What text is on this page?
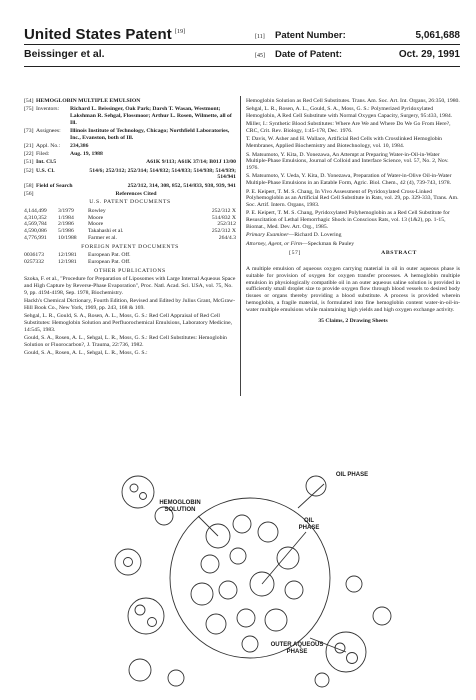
United States Patent [19]
Beissinger et al.
[11]	Patent Number:	5,061,688
[45]	Date of Patent:	Oct. 29, 1991
[54] HEMOGLOBIN MULTIPLE EMULSION
[75] Inventors:	Richard L. Beissinger, Oak Park; Darsh T. Wasan, Westmont; Lakshman R. Sehgal, Flossmoor; Arthur L. Rosen, Wilmette, all of Ill.
[73] Assignees:	Illinois Institute of Technology, Chicago; Northfield Laboratories, Inc., Evanston, both of Ill.
[21] Appl. No.:	234,386
[22] Filed:	Aug. 19, 1988
[51] Int. Cl.5	A61K 9/113; A61K 37/14; B01J 13/00
[52] U.S. Cl.	514/6; 252/312; 252/314; 514/832; 514/833; 514/938; 514/939; 514/941
[58] Field of Search	252/312, 314, 308, 852, 514/833, 938, 939, 941
[56]	References Cited
U.S. PATENT DOCUMENTS
4,144,499	3/1979	Rowley	252/312 X
4,310,352	1/1984	Moore	514/832 X
4,569,784	2/1986	Moore	252/312
4,590,086	5/1986	Takahashi et al.	252/312 X
4,776,991	10/1988	Farmer et al.	264/4.3
FOREIGN PATENT DOCUMENTS
0036173	12/1981	European Pat. Off.
0257332	12/1981	European Pat. Off.
OTHER PUBLICATIONS
Szoka, F. et al., "Procedure for Preparation of Liposomes with Large Internal Aqueous Space and High Capture by Reverse-Phase Evaporation", Proc. Natl. Acad. Sci. USA, vol. 75, No. 9, pp. 4194-4198, Sep. 1978, Biochemistry.
Hackh's Chemical Dictionary, Fourth Edition, Revised and Edited by Julius Grant, McGraw-Hill Book Co., New York, 1969, pp. 243, 168 & 169.
Sehgal, L. R., Gould, S. A., Rosen, A. L., Moss, G. S.: Red Cell Appraisal of Red Cell Substitutes: Hemoglobin Solution and Perfluorochemical Emulsions, Laboratory Medicine, 14:545, 1983.
Gould, S. A., Rosen, A. L., Sehgal, L. R., Moss, G. S.: Red Cell Substitutes: Hemoglobin Solution or Fluorocarbon?, J. Trauma, 22:736, 1982.
Gould, S. A., Rosen, A. L., Sehgal, L. R., Moss, G. S.:
Hemoglobin Solution as Red Cell Substitutes. Trans. Am. Soc. Art. Int. Organs, 26:350, 1980.
Sehgal, L. R., Rosen, A. L., Gould, S. A., Moss, G. S.: Polymerized Pyridoxylated Hemoglobin, A Red Cell Substitute with Normal Oxygen Capacity, Surgery, 95:433, 1984.
Miller, I.: Synthetic Blood Substitutes: Where Are We and Where Do We Go From Here?, CRC, Crit. Rev. Biology, 1:45-178, Dec. 1976.
T. Davis, W. Asher and H. Wallace, Artificial Red Cells with Crosslinked Hemoglobin Membranes, Applied Biochemistry and Biotechnology, vol. 10, 1984.
S. Matsumoto, Y. Kita, D. Yonezawa, An Attempt at Preparing Water-in-Oil-in-Water Multiple-Phase Emulsions, Journal of Colloid and Interface Science, vol. 57, No. 2, Nov. 1976.
S. Matsumoto, Y. Ueda, Y. Kita, D. Yonezawa, Preparation of Water-in-Olive Oil-in-Water Multiple-Phase Emulsions in an Eatable Form, Agric. Biol. Chem., 42 (4), 739-743, 1978.
P. E. Keipert, T. M. S. Chang, In Vivo Assessment of Pyridoxylated Cross-Linked Polyhemoglobin as an Artificial Red Cell Substitute in Rats, vol. 29, pp. 329-333, Trans. Am. Soc. Artif. Intern. Organs, 1983.
P. E. Keipert, T. M. S. Chang, Pyridoxylated Polyhemoglobin as a Red Cell Substitute for Resuscitation of Lethal Hemorrhagic Shock in Conscious Rats, vol. 13 (1&2), pp. 1-15, Biomat., Med. Dev. Art. Org., 1985.
Primary Examiner—Richard D. Lovering
Attorney, Agent, or Firm—Speckman & Pauley
[57]	ABSTRACT
A multiple emulsion of aqueous oxygen carrying material in oil in outer aqueous phase is suitable for provision of oxygen for oxygen transfer processes. A hemoglobin multiple emulsion in physiologically compatible oil in an outer aqueous saline solution is provided in sufficiently small droplet size to provide oxygen flow through blood vessels to desired body tissues or organs thereby providing a blood substitute. A process is provided wherein hemoglobin, a fragile material, is formulated into fine hemoglobin content water-in-oil-in-water multiple emulsions while maintaining high yields and high oxygen exchange activity.
35 Claims, 2 Drawing Sheets
OIL PHASE
HEMOGLOBIN SOLUTION
OIL PHASE
OUTER AQUEOUS PHASE
